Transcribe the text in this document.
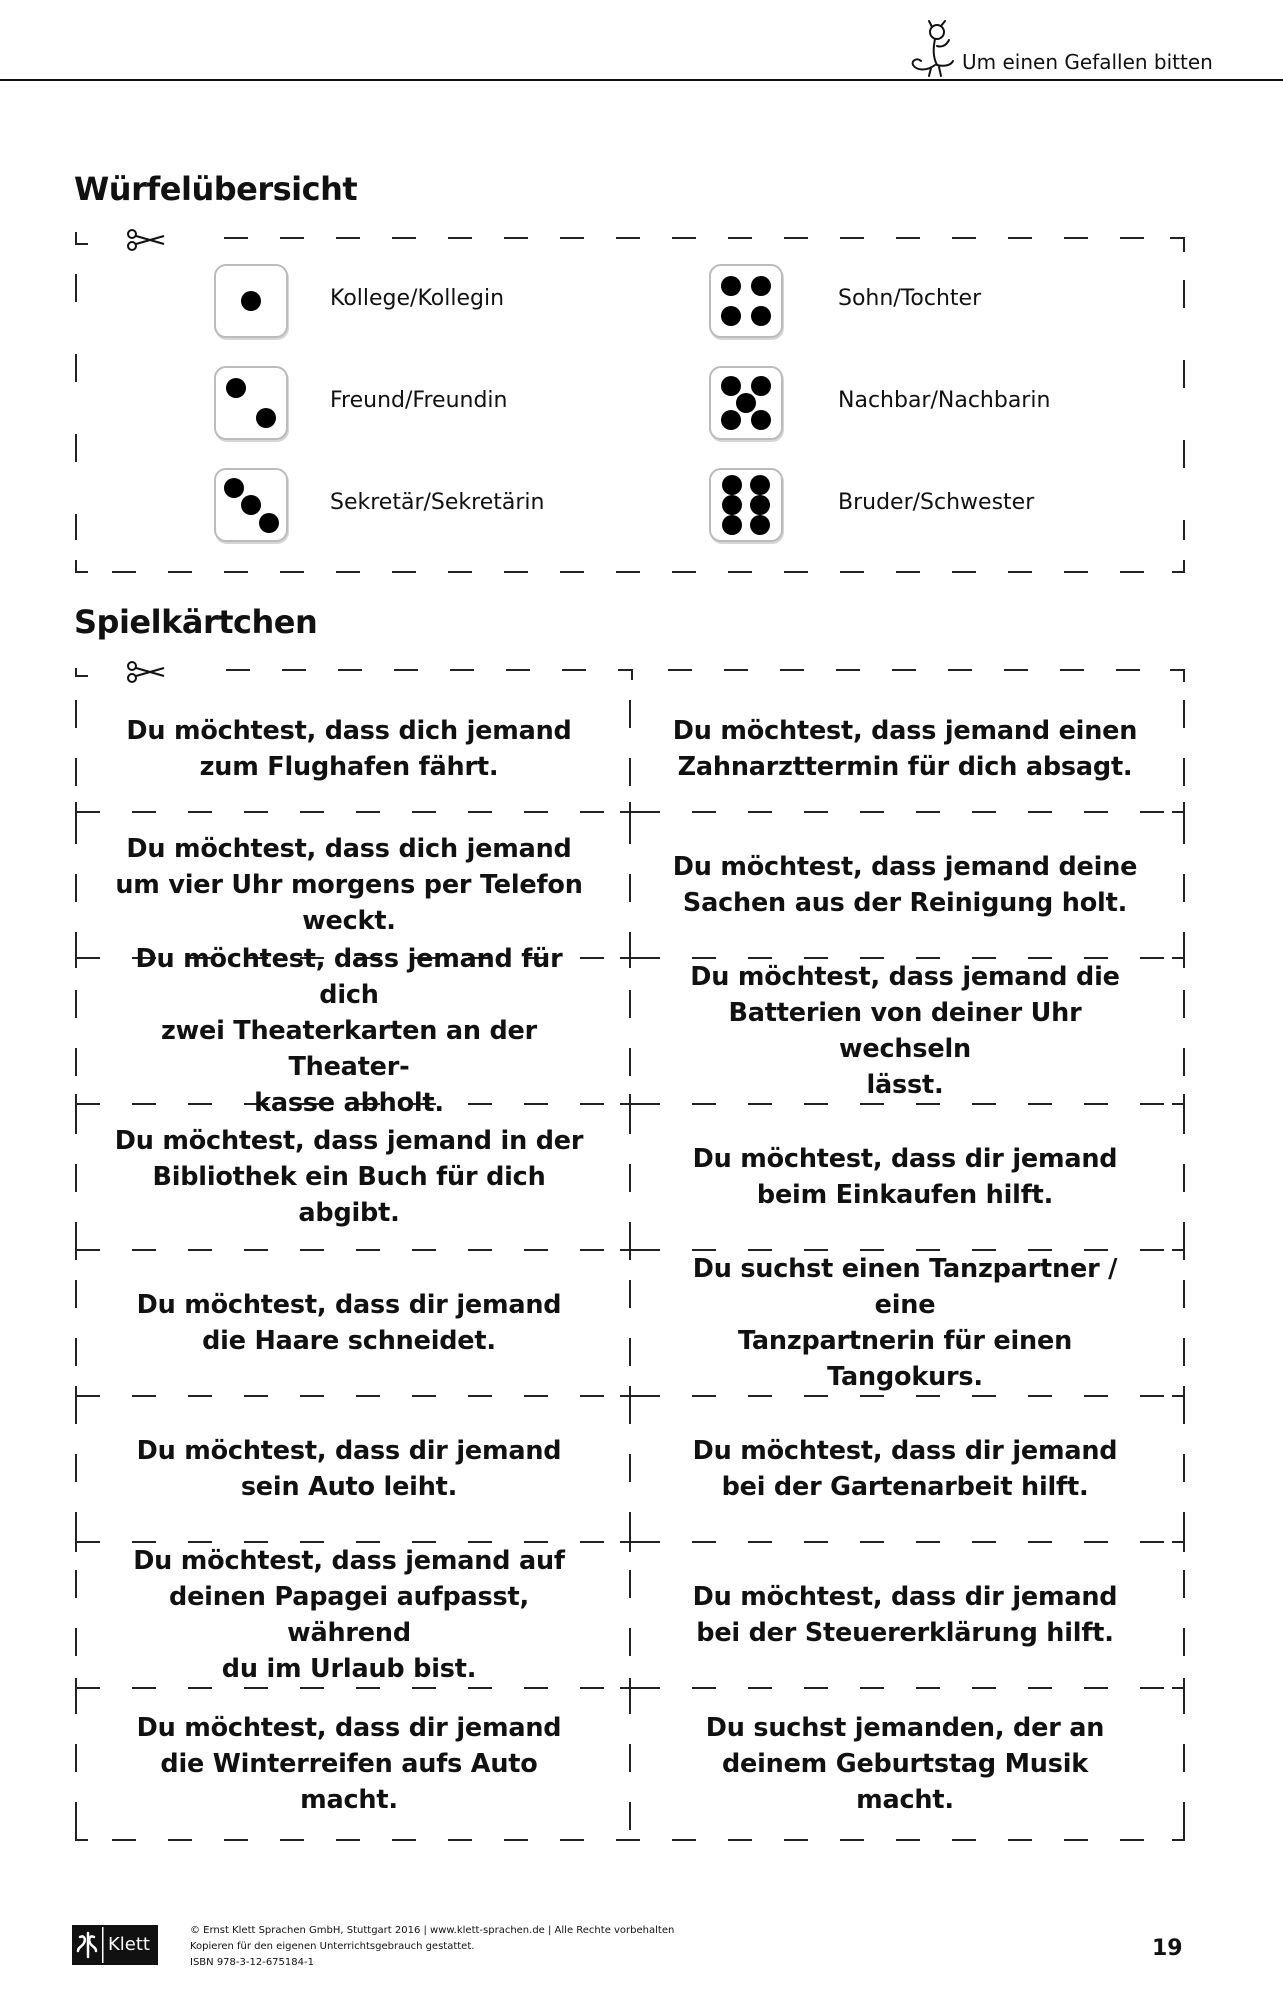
Um einen Gefallen bitten
Würfelübersicht
Kollege/Kollegin
Freund/Freundin
Sekretär/Sekretärin
Sohn/Tochter
Nachbar/Nachbarin
Bruder/Schwester
Spielkärtchen
Du möchtest, dass dich jemand
zum Flughafen fährt.
Du möchtest, dass jemand einen
Zahnarzttermin für dich absagt.
Du möchtest, dass dich jemand
um vier Uhr morgens per Telefon
weckt.
Du möchtest, dass jemand deine
Sachen aus der Reinigung holt.
Du möchtest, dass jemand für dich
zwei Theaterkarten an der Theater-
kasse abholt.
Du möchtest, dass jemand die
Batterien von deiner Uhr wechseln
lässt.
Du möchtest, dass jemand in der
Bibliothek ein Buch für dich
abgibt.
Du möchtest, dass dir jemand
beim Einkaufen hilft.
Du möchtest, dass dir jemand
die Haare schneidet.
Du suchst einen Tanzpartner / eine
Tanzpartnerin für einen Tangokurs.
Du möchtest, dass dir jemand
sein Auto leiht.
Du möchtest, dass dir jemand
bei der Gartenarbeit hilft.
Du möchtest, dass jemand auf
deinen Papagei aufpasst, während
du im Urlaub bist.
Du möchtest, dass dir jemand
bei der Steuererklärung hilft.
Du möchtest, dass dir jemand
die Winterreifen aufs Auto macht.
Du suchst jemanden, der an
deinem Geburtstag Musik macht.
Klett
© Ernst Klett Sprachen GmbH, Stuttgart 2016 | www.klett-sprachen.de | Alle Rechte vorbehalten
Kopieren für den eigenen Unterrichtsgebrauch gestattet.
ISBN 978-3-12-675184-1
19
